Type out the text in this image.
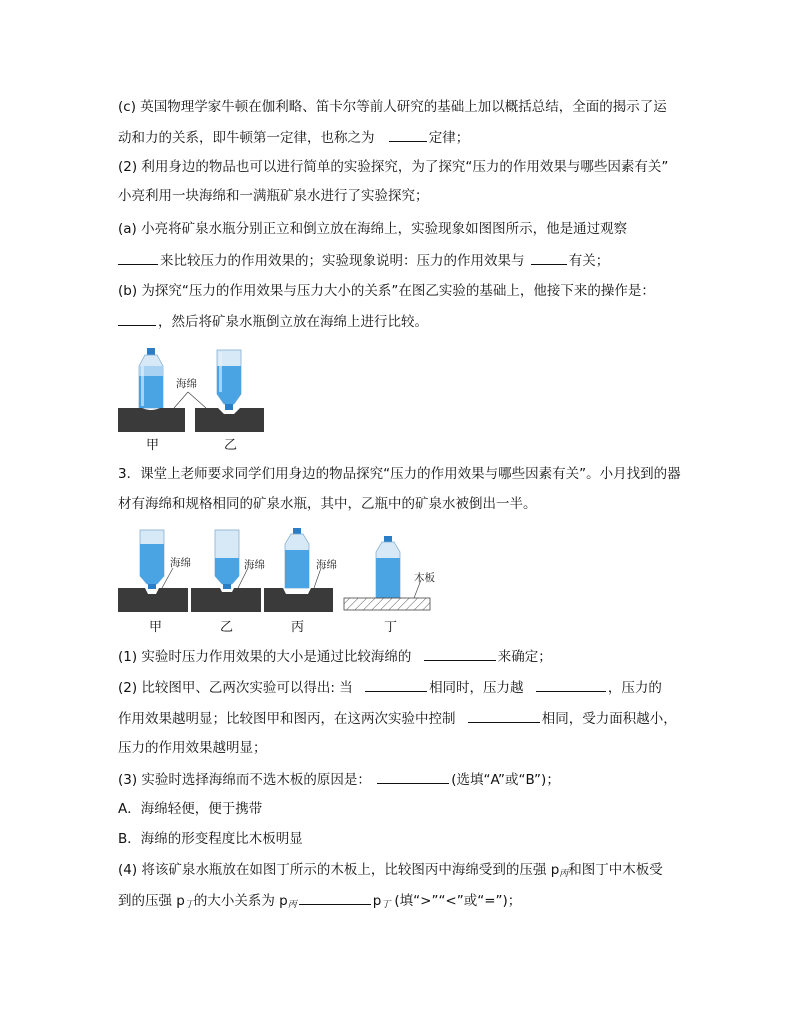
(c) 英国物理学家牛顿在伽利略、笛卡尔等前人研究的基础上加以概括总结，全面的揭示了运
动和力的关系，即牛顿第一定律，也称之为	定律；
(2) 利用身边的物品也可以进行简单的实验探究，为了探究“压力的作用效果与哪些因素有关”
小亮利用一块海绵和一满瓶矿泉水进行了实验探究；
(a) 小亮将矿泉水瓶分别正立和倒立放在海绵上，实验现象如图图所示，他是通过观察
来比较压力的作用效果的；实验现象说明：压力的作用效果与	有关；
(b) 为探究“压力的作用效果与压力大小的关系”在图乙实验的基础上，他接下来的操作是：
，然后将矿泉水瓶倒立放在海绵上进行比较。
海绵
甲	乙
3．课堂上老师要求同学们用身边的物品探究“压力的作用效果与哪些因素有关”。小月找到的器
材有海绵和规格相同的矿泉水瓶，其中，乙瓶中的矿泉水被倒出一半。
海绵	海绵	海绵
木板
甲	乙	丙	丁
(1) 实验时压力作用效果的大小是通过比较海绵的	来确定；
(2) 比较图甲、乙两次实验可以得出: 当	相同时，压力越	，压力的
作用效果越明显；比较图甲和图丙，在这两次实验中控制	相同，受力面积越小，
压力的作用效果越明显；
(3) 实验时选择海绵而不选木板的原因是：	(选填“A”或“B”)；
A．海绵轻便，便于携带
B．海绵的形变程度比木板明显
(4) 将该矿泉水瓶放在如图丁所示的木板上，比较图丙中海绵受到的压强 $p_丙$和图丁中木板受
到的压强 $p_丁$的大小关系为 $p_丙$	$p_丁$ (填“>”“<”或“=”)；
